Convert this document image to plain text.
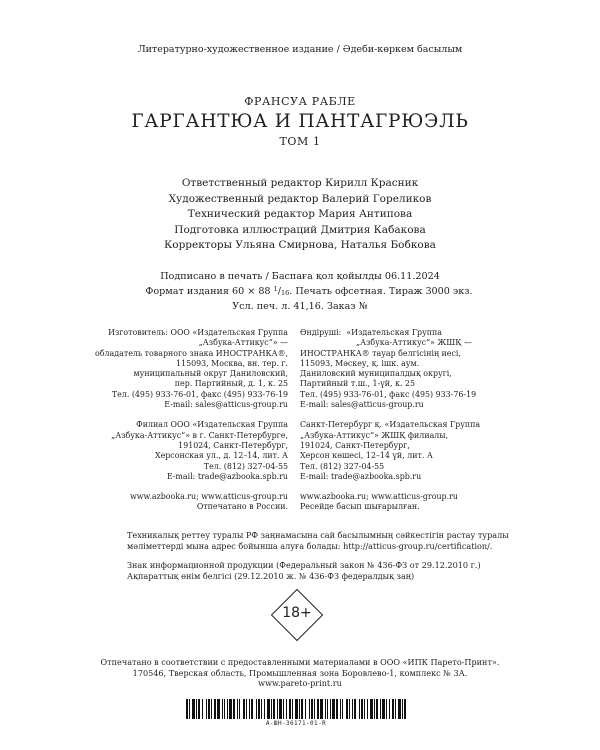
Литературно-художественное издание / Әдеби-көркем басылым
ФРАНСУА РАБЛЕ
ГАРГАНТЮА И ПАНТАГРЮЭЛЬ
ТОМ 1
Ответственный редактор Кирилл Красник
Художественный редактор Валерий Гореликов
Технический редактор Мария Антипова
Подготовка иллюстраций Дмитрия Кабакова
Корректоры Ульяна Смирнова, Наталья Бобкова
Подписано в печать / Баспаға қол қойылды 06.11.2024
Формат издания 60 × 88 $^1$/16. Печать офсетная. Тираж 3000 экз.
Усл. печ. л. 41,16. Заказ №
Изготовитель: ООО «Издательская Группа
„Азбука-Аттикус“» —
обладатель товарного знака ИНОСТРАНКА®,
115093, Москва, вн. тер. г.
муниципальный округ Даниловский,
пер. Партийный, д. 1, к. 25
Тел. (495) 933-76-01, факс (495) 933-76-19
E-mail: sales@atticus-group.ru
Филиал ООО «Издательская Группа
„Азбука-Аттикус“» в г. Санкт-Петербурге,
191024, Санкт-Петербург,
Херсонская ул., д. 12–14, лит. А
Тел. (812) 327-04-55
E-mail: trade@azbooka.spb.ru
www.azbooka.ru; www.atticus-group.ru
Отпечатано в России.
Өндіруші: «Издательская Группа
„Азбука-Аттикус“» ЖШҚ —
ИНОСТРАНКА® тауар белгісінің иесі,
115093, Мәскеу, қ. ішк. аум.
Даниловский муниципалдық округі,
Партийный т.ш., 1-үй, к. 25
Тел. (495) 933-76-01, факс (495) 933-76-19
E-mail: sales@atticus-group.ru
Санкт-Петербург қ. «Издательская Группа
„Азбука-Аттикус“» ЖШҚ филиалы,
191024, Санкт-Петербург,
Херсон көшесі, 12–14 үй, лит. А
Тел. (812) 327-04-55
E-mail: trade@azbooka.spb.ru
www.azbooka.ru; www.atticus-group.ru
Ресейде басып шығарылған.
Техникалық реттеу туралы РФ заңнамасына сай басылымның сәйкестігін растау туралы
мәліметтерді мына адрес бойынша алуға болады: http://atticus-group.ru/certification/.
Знак информационной продукции (Федеральный закон № 436-ФЗ от 29.12.2010 г.)
Ақпараттық өнім белгісі (29.12.2010 ж. № 436-ФЗ федералдық заң)
18+
Отпечатано в соответствии с предоставленными материалами в ООО «ИПК Парето-Принт».
170546, Тверская область, Промышленная зона Боровлево-1, комплекс № 3А.
www.pareto-print.ru
А-ШН-36171-01-R
